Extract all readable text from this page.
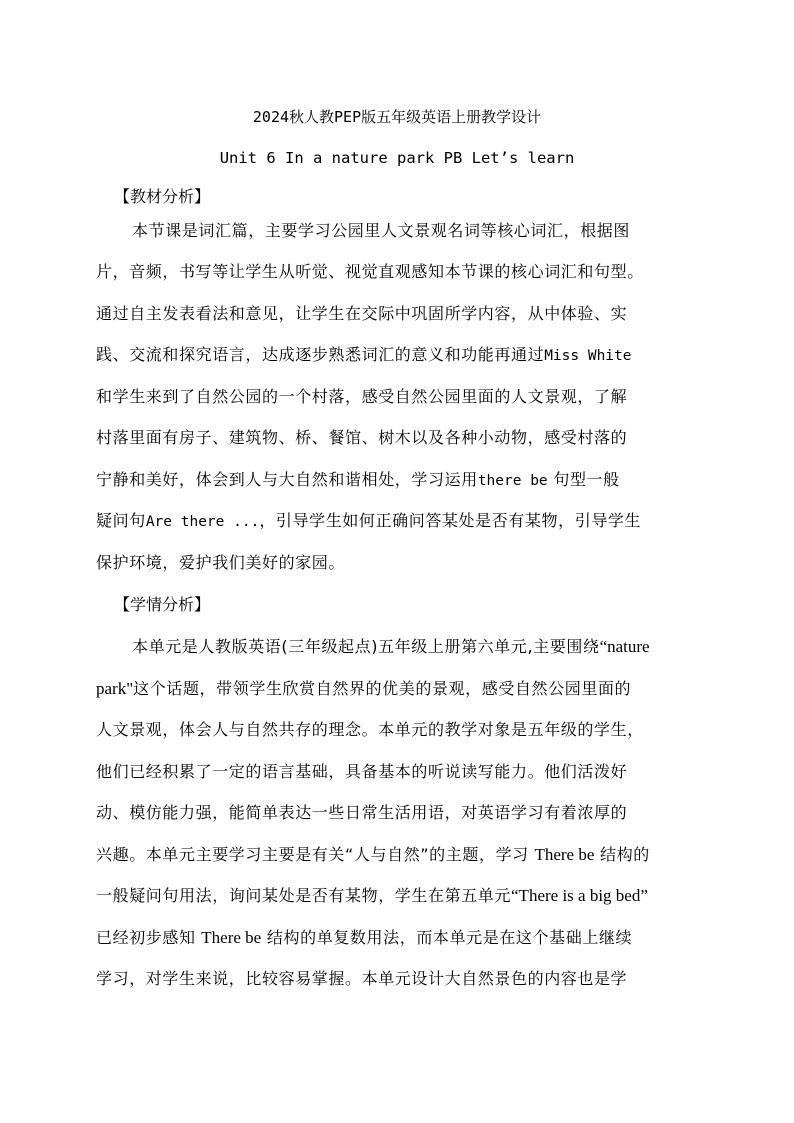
2024秋人教PEP版五年级英语上册教学设计
Unit 6 In a nature park PB Let’s learn
【教材分析】
本节课是词汇篇，主要学习公园里人文景观名词等核心词汇，根据图
片，音频，书写等让学生从听觉、视觉直观感知本节课的核心词汇和句型。
通过自主发表看法和意见，让学生在交际中巩固所学内容，从中体验、实
践、交流和探究语言，达成逐步熟悉词汇的意义和功能再通过Miss White
和学生来到了自然公园的一个村落，感受自然公园里面的人文景观，了解
村落里面有房子、建筑物、桥、餐馆、树木以及各种小动物，感受村落的
宁静和美好，体会到人与大自然和谐相处，学习运用there be 句型一般
疑问句Are there ...，引导学生如何正确问答某处是否有某物，引导学生
保护环境，爱护我们美好的家园。
【学情分析】
本单元是人教版英语(三年级起点)五年级上册第六单元,主要围绕“nature
park"这个话题，带领学生欣赏自然界的优美的景观，感受自然公园里面的
人文景观，体会人与自然共存的理念。本单元的教学对象是五年级的学生，
他们已经积累了一定的语言基础，具备基本的听说读写能力。他们活泼好
动、模仿能力强，能简单表达一些日常生活用语，对英语学习有着浓厚的
兴趣。本单元主要学习主要是有关“人与自然”的主题，学习 There be 结构的
一般疑问句用法，询问某处是否有某物，学生在第五单元“There is a big bed”
已经初步感知 There be 结构的单复数用法，而本单元是在这个基础上继续
学习，对学生来说，比较容易掌握。本单元设计大自然景色的内容也是学
